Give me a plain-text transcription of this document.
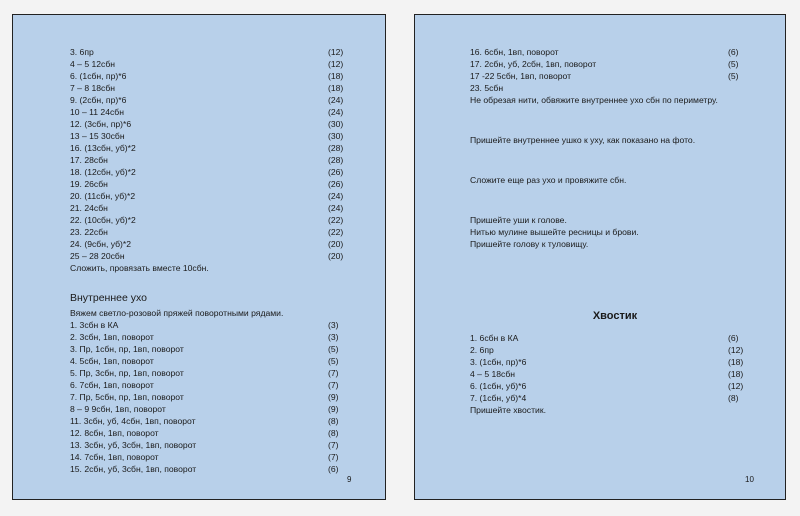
3. 6пр	(12)
4 – 5 12сбн	(12)
6. (1сбн, пр)*6	(18)
7 – 8 18сбн	(18)
9. (2сбн, пр)*6	(24)
10 – 11 24сбн	(24)
12. (3сбн, пр)*6	(30)
13 – 15 30сбн	(30)
16. (13сбн, уб)*2	(28)
17. 28сбн	(28)
18. (12сбн, уб)*2	(26)
19. 26сбн	(26)
20. (11сбн, уб)*2	(24)
21. 24сбн	(24)
22. (10сбн, уб)*2	(22)
23. 22сбн	(22)
24. (9сбн, уб)*2	(20)
25 – 28 20сбн	(20)
Сложить, провязать вместе 10сбн.
Внутреннее ухо
Вяжем светло-розовой пряжей поворотными рядами.
1. 3сбн в КА	(3)
2. 3сбн, 1вп, поворот	(3)
3. Пр, 1сбн, пр, 1вп, поворот	(5)
4. 5сбн, 1вп, поворот	(5)
5. Пр, 3сбн, пр, 1вп, поворот	(7)
6. 7сбн, 1вп, поворот	(7)
7. Пр, 5сбн, пр, 1вп, поворот	(9)
8 – 9 9сбн, 1вп, поворот	(9)
11. 3сбн, уб, 4сбн, 1вп, поворот	(8)
12. 8сбн, 1вп, поворот	(8)
13. 3сбн, уб, 3сбн, 1вп, поворот	(7)
14. 7сбн, 1вп, поворот	(7)
15. 2сбн, уб, 3сбн, 1вп, поворот	(6)
9
16. 6сбн, 1вп, поворот	(6)
17. 2сбн, уб, 2сбн, 1вп, поворот	(5)
17 -22 5сбн, 1вп, поворот	(5)
23. 5сбн
Не обрезая нити, обвяжите внутреннее ухо сбн по периметру.
Пришейте внутреннее ушко к уху, как показано на фото.
Сложите еще раз ухо и провяжите сбн.
Пришейте уши к голове.
Нитью мулине вышейте ресницы и брови.
Пришейте голову к туловищу.
Хвостик
1. 6сбн в КА	(6)
2. 6пр	(12)
3. (1сбн, пр)*6	(18)
4 – 5 18сбн	(18)
6. (1сбн, уб)*6	(12)
7. (1сбн, уб)*4	(8)
Пришейте хвостик.
10
